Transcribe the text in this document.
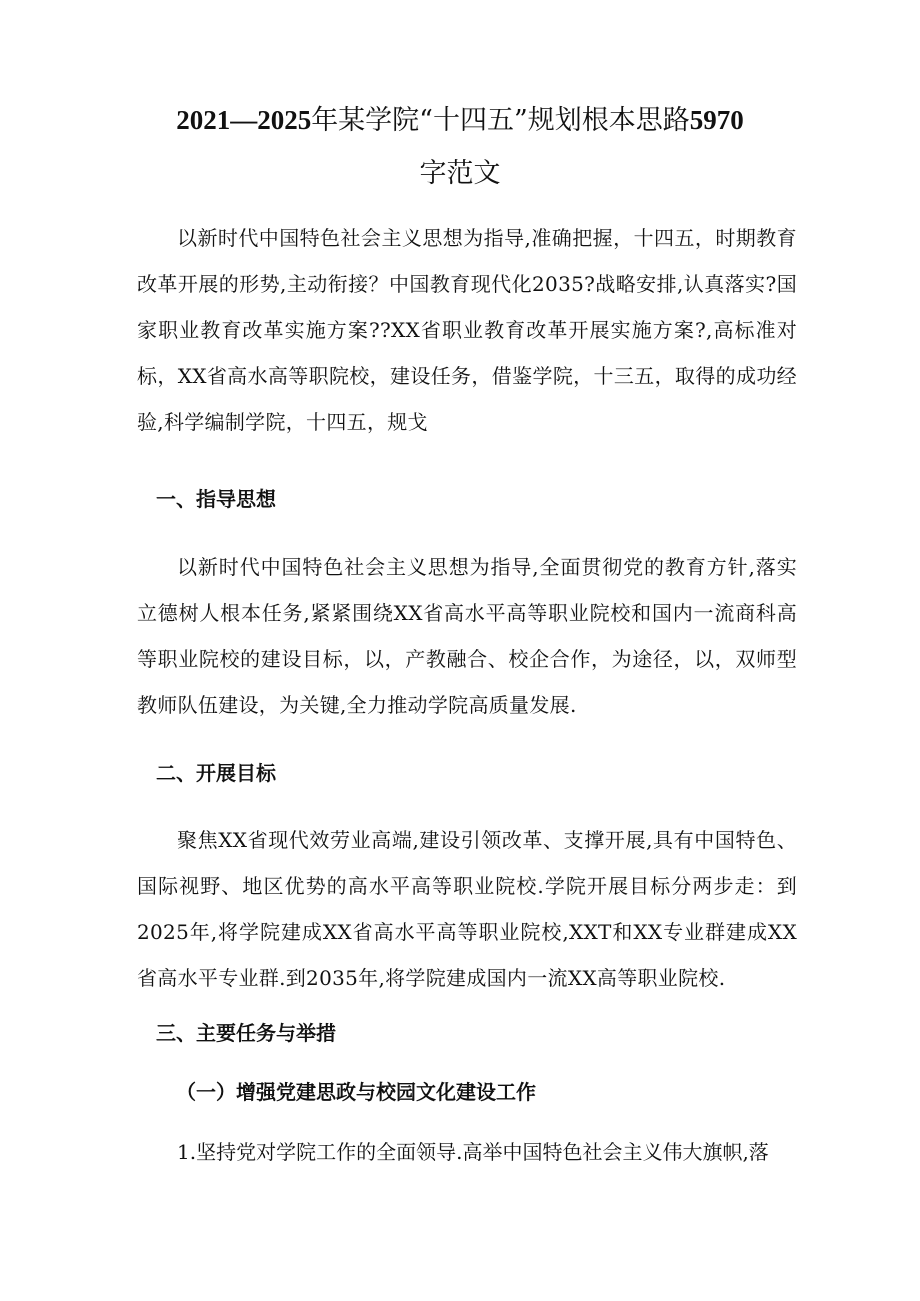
2021—2025年某学院“十四五”规划根本思路5970
字范文

以新时代中国特色社会主义思想为指导,准确把握，十四五，时期教育改革开展的形势,主动衔接？中国教育现代化2035?战略安排,认真落实?国家职业教育改革实施方案??XX省职业教育改革开展实施方案?,高标准对标，XX省高水高等职院校，建设任务，借鉴学院，十三五，取得的成功经验,科学编制学院，十四五，规戈

一、指导思想

以新时代中国特色社会主义思想为指导,全面贯彻党的教育方针,落实立德树人根本任务,紧紧围绕XX省高水平高等职业院校和国内一流商科高等职业院校的建设目标，以，产教融合、校企合作，为途径，以，双师型教师队伍建设，为关键,全力推动学院高质量发展.

二、开展目标

聚焦XX省现代效劳业高端,建设引领改革、支撑开展,具有中国特色、国际视野、地区优势的高水平高等职业院校.学院开展目标分两步走：到2025年,将学院建成XX省高水平高等职业院校,XXT和XX专业群建成XX省高水平专业群.到2035年,将学院建成国内一流XX高等职业院校.

三、主要任务与举措
（一）增强党建思政与校园文化建设工作

1.坚持党对学院工作的全面领导.高举中国特色社会主义伟大旗帜,落
